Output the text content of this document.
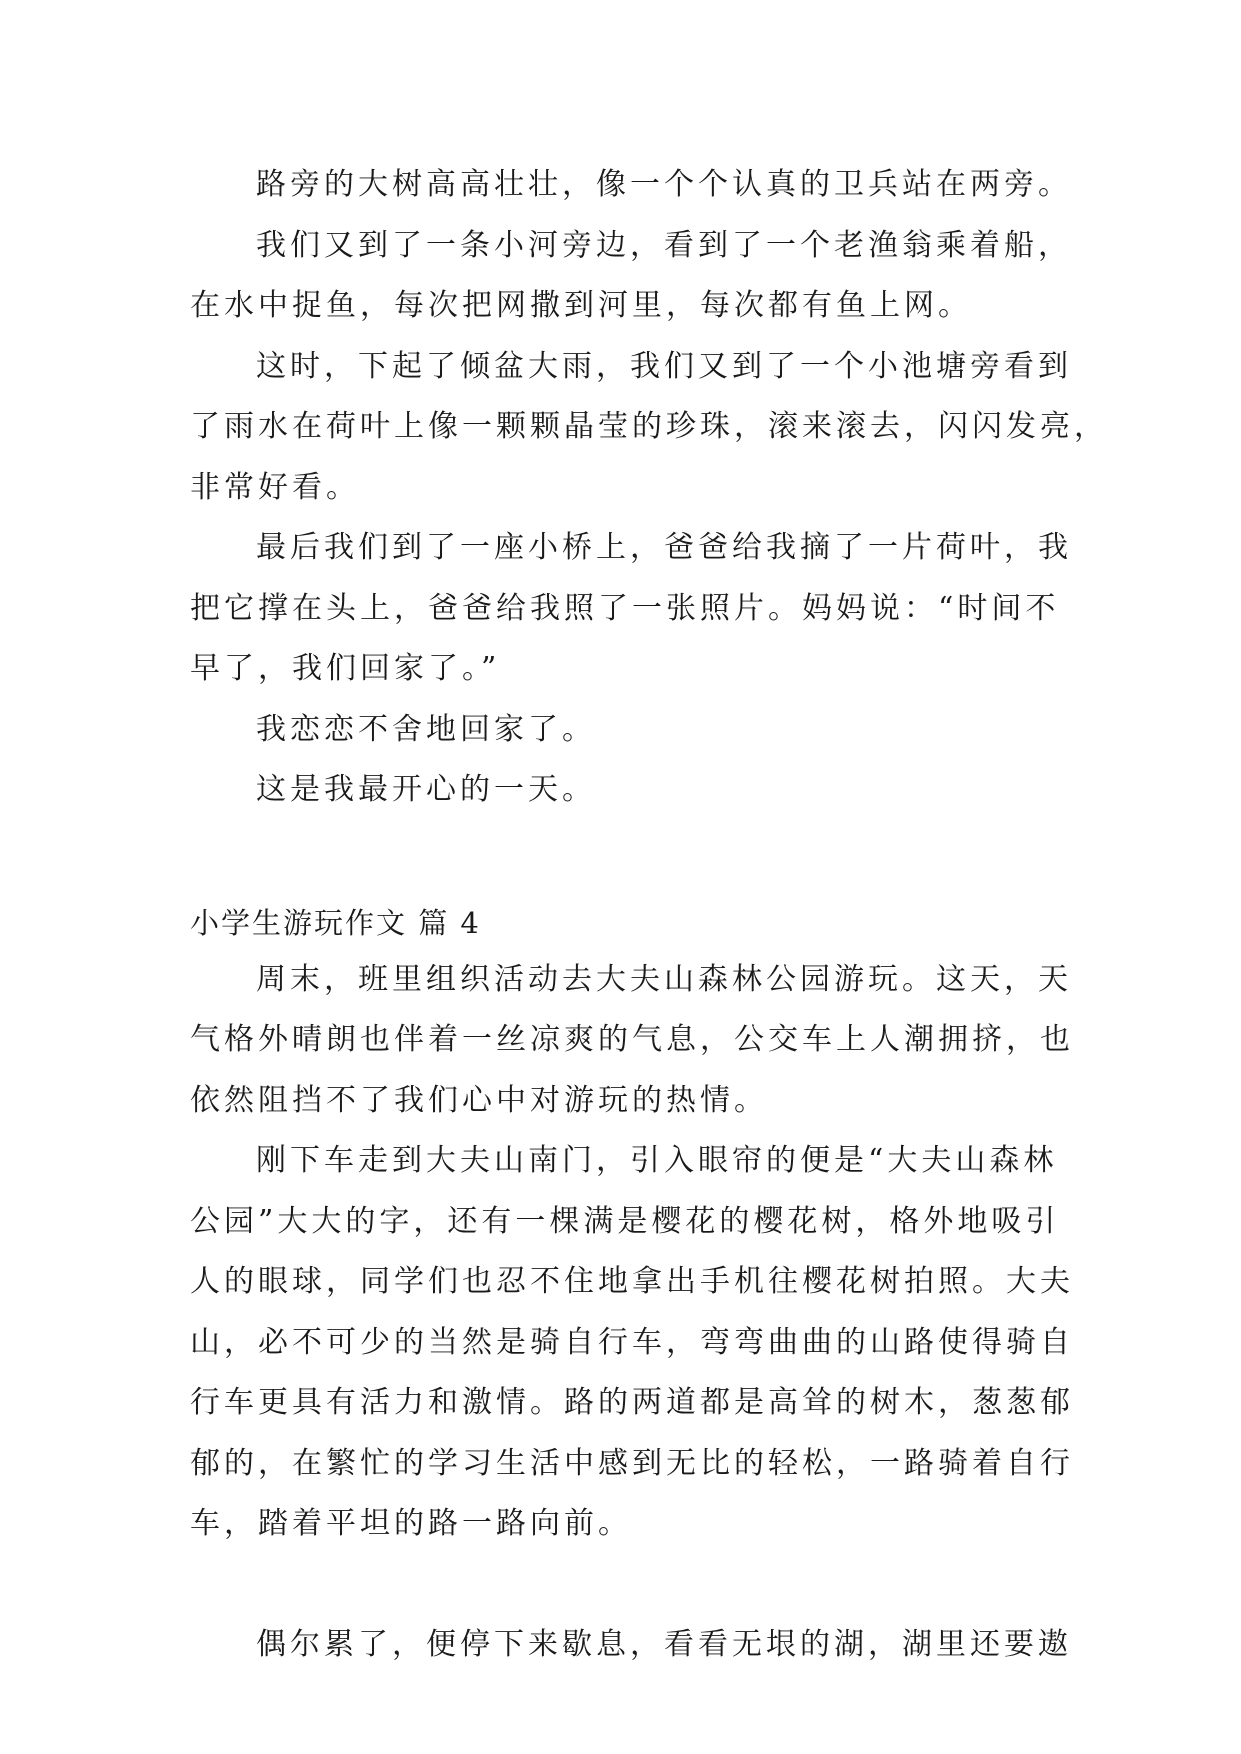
路旁的大树高高壮壮，像一个个认真的卫兵站在两旁。
我们又到了一条小河旁边，看到了一个老渔翁乘着船，
在水中捉鱼，每次把网撒到河里，每次都有鱼上网。
这时，下起了倾盆大雨，我们又到了一个小池塘旁看到
了雨水在荷叶上像一颗颗晶莹的珍珠，滚来滚去，闪闪发亮，
非常好看。
最后我们到了一座小桥上，爸爸给我摘了一片荷叶，我
把它撑在头上，爸爸给我照了一张照片。妈妈说：“时间不
早了，我们回家了。”
我恋恋不舍地回家了。
这是我最开心的一天。
小学生游玩作文 篇 4
周末，班里组织活动去大夫山森林公园游玩。这天，天
气格外晴朗也伴着一丝凉爽的气息，公交车上人潮拥挤，也
依然阻挡不了我们心中对游玩的热情。
刚下车走到大夫山南门，引入眼帘的便是“大夫山森林
公园”大大的字，还有一棵满是樱花的樱花树，格外地吸引
人的眼球，同学们也忍不住地拿出手机往樱花树拍照。大夫
山，必不可少的当然是骑自行车，弯弯曲曲的山路使得骑自
行车更具有活力和激情。路的两道都是高耸的树木，葱葱郁
郁的，在繁忙的学习生活中感到无比的轻松，一路骑着自行
车，踏着平坦的路一路向前。
偶尔累了，便停下来歇息，看看无垠的湖，湖里还要遨
